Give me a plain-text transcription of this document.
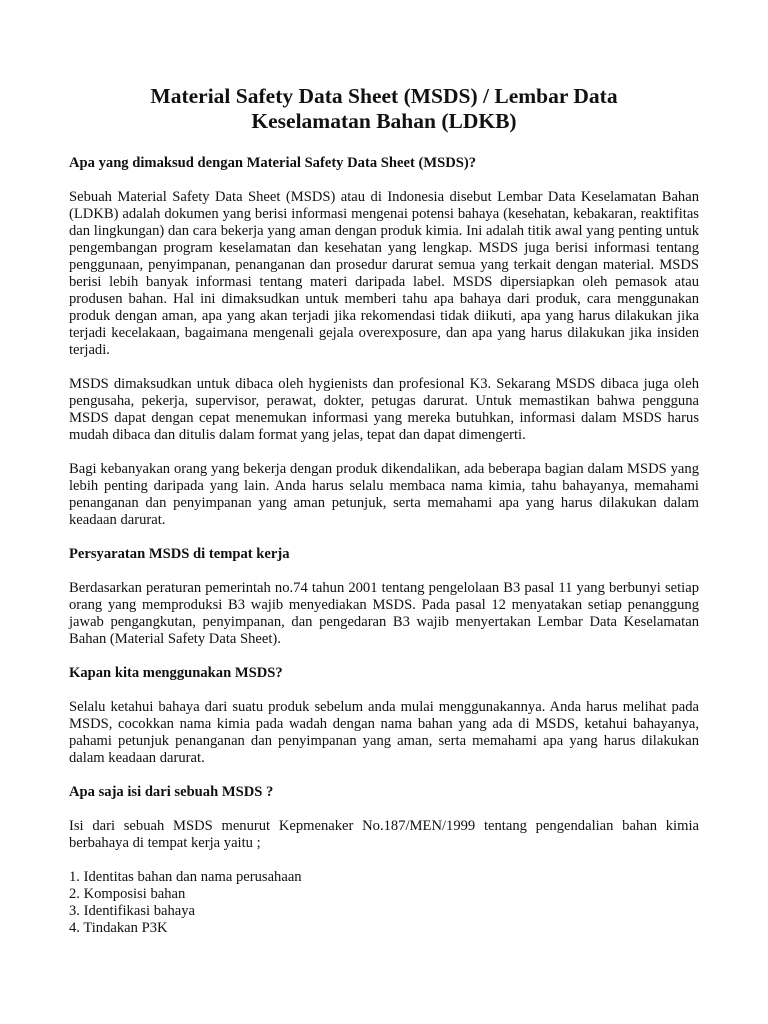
Material Safety Data Sheet (MSDS) / Lembar Data
Keselamatan Bahan (LDKB)

Apa yang dimaksud dengan Material Safety Data Sheet (MSDS)?

Sebuah Material Safety Data Sheet (MSDS) atau di Indonesia disebut Lembar Data Keselamatan Bahan (LDKB) adalah dokumen yang berisi informasi mengenai potensi bahaya (kesehatan, kebakaran, reaktifitas dan lingkungan) dan cara bekerja yang aman dengan produk kimia. Ini adalah titik awal yang penting untuk pengembangan program keselamatan dan kesehatan yang lengkap. MSDS juga berisi informasi tentang penggunaan, penyimpanan, penanganan dan prosedur darurat semua yang terkait dengan material. MSDS berisi lebih banyak informasi tentang materi daripada label. MSDS dipersiapkan oleh pemasok atau produsen bahan. Hal ini dimaksudkan untuk memberi tahu apa bahaya dari produk, cara menggunakan produk dengan aman, apa yang akan terjadi jika rekomendasi tidak diikuti, apa yang harus dilakukan jika terjadi kecelakaan, bagaimana mengenali gejala overexposure, dan apa yang harus dilakukan jika insiden terjadi.

MSDS dimaksudkan untuk dibaca oleh hygienists dan profesional K3. Sekarang MSDS dibaca juga oleh pengusaha, pekerja, supervisor, perawat, dokter, petugas darurat. Untuk memastikan bahwa pengguna MSDS dapat dengan cepat menemukan informasi yang mereka butuhkan, informasi dalam MSDS harus mudah dibaca dan ditulis dalam format yang jelas, tepat dan dapat dimengerti.

Bagi kebanyakan orang yang bekerja dengan produk dikendalikan, ada beberapa bagian dalam MSDS yang lebih penting daripada yang lain. Anda harus selalu membaca nama kimia, tahu bahayanya, memahami penanganan dan penyimpanan yang aman petunjuk, serta memahami apa yang harus dilakukan dalam keadaan darurat.

Persyaratan MSDS di tempat kerja

Berdasarkan peraturan pemerintah no.74 tahun 2001 tentang pengelolaan B3 pasal 11 yang berbunyi setiap orang yang memproduksi B3 wajib menyediakan MSDS. Pada pasal 12 menyatakan setiap penanggung jawab pengangkutan, penyimpanan, dan pengedaran B3 wajib menyertakan Lembar Data Keselamatan Bahan (Material Safety Data Sheet).

Kapan kita menggunakan MSDS?

Selalu ketahui bahaya dari suatu produk sebelum anda mulai menggunakannya. Anda harus melihat pada MSDS, cocokkan nama kimia pada wadah dengan nama bahan yang ada di MSDS, ketahui bahayanya, pahami petunjuk penanganan dan penyimpanan yang aman, serta memahami apa yang harus dilakukan dalam keadaan darurat.

Apa saja isi dari sebuah MSDS ?

Isi dari sebuah MSDS menurut Kepmenaker No.187/MEN/1999 tentang pengendalian bahan kimia berbahaya di tempat kerja yaitu ;

1. Identitas bahan dan nama perusahaan
2. Komposisi bahan
3. Identifikasi bahaya
4. Tindakan P3K
